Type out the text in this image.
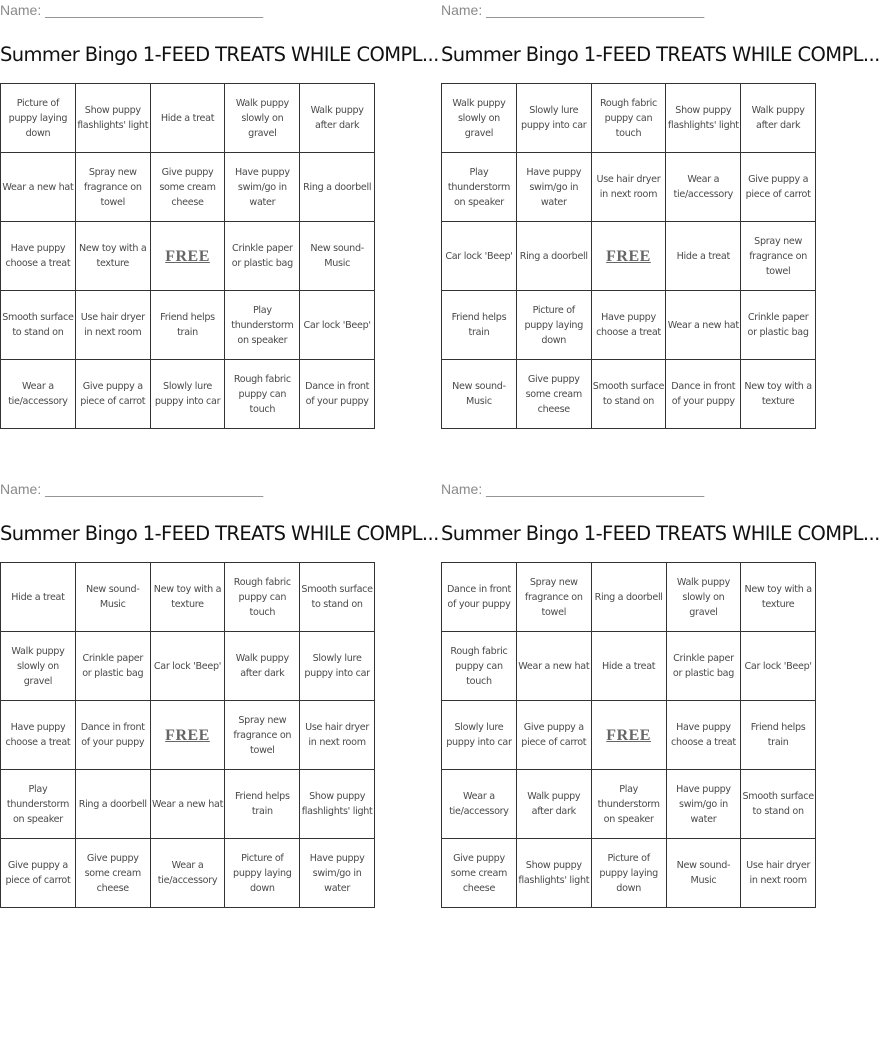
Name: ____________________________
Summer Bingo 1-FEED TREATS WHILE COMPL...
Picture of puppy laying down	Show puppy flashlights' light	Hide a treat	Walk puppy slowly on gravel	Walk puppy after dark
Wear a new hat	Spray new fragrance on towel	Give puppy some cream cheese	Have puppy swim/go in water	Ring a doorbell
Have puppy choose a treat	New toy with a texture	FREE	Crinkle paper or plastic bag	New sound-Music
Smooth surface to stand on	Use hair dryer in next room	Friend helps train	Play thunderstorm on speaker	Car lock 'Beep'
Wear a tie/accessory	Give puppy a piece of carrot	Slowly lure puppy into car	Rough fabric puppy can touch	Dance in front of your puppy
Name: ____________________________
Summer Bingo 1-FEED TREATS WHILE COMPL...
Walk puppy slowly on gravel	Slowly lure puppy into car	Rough fabric puppy can touch	Show puppy flashlights' light	Walk puppy after dark
Play thunderstorm on speaker	Have puppy swim/go in water	Use hair dryer in next room	Wear a tie/accessory	Give puppy a piece of carrot
Car lock 'Beep'	Ring a doorbell	FREE	Hide a treat	Spray new fragrance on towel
Friend helps train	Picture of puppy laying down	Have puppy choose a treat	Wear a new hat	Crinkle paper or plastic bag
New sound-Music	Give puppy some cream cheese	Smooth surface to stand on	Dance in front of your puppy	New toy with a texture
Name: ____________________________
Summer Bingo 1-FEED TREATS WHILE COMPL...
Hide a treat	New sound-Music	New toy with a texture	Rough fabric puppy can touch	Smooth surface to stand on
Walk puppy slowly on gravel	Crinkle paper or plastic bag	Car lock 'Beep'	Walk puppy after dark	Slowly lure puppy into car
Have puppy choose a treat	Dance in front of your puppy	FREE	Spray new fragrance on towel	Use hair dryer in next room
Play thunderstorm on speaker	Ring a doorbell	Wear a new hat	Friend helps train	Show puppy flashlights' light
Give puppy a piece of carrot	Give puppy some cream cheese	Wear a tie/accessory	Picture of puppy laying down	Have puppy swim/go in water
Name: ____________________________
Summer Bingo 1-FEED TREATS WHILE COMPL...
Dance in front of your puppy	Spray new fragrance on towel	Ring a doorbell	Walk puppy slowly on gravel	New toy with a texture
Rough fabric puppy can touch	Wear a new hat	Hide a treat	Crinkle paper or plastic bag	Car lock 'Beep'
Slowly lure puppy into car	Give puppy a piece of carrot	FREE	Have puppy choose a treat	Friend helps train
Wear a tie/accessory	Walk puppy after dark	Play thunderstorm on speaker	Have puppy swim/go in water	Smooth surface to stand on
Give puppy some cream cheese	Show puppy flashlights' light	Picture of puppy laying down	New sound-Music	Use hair dryer in next room
